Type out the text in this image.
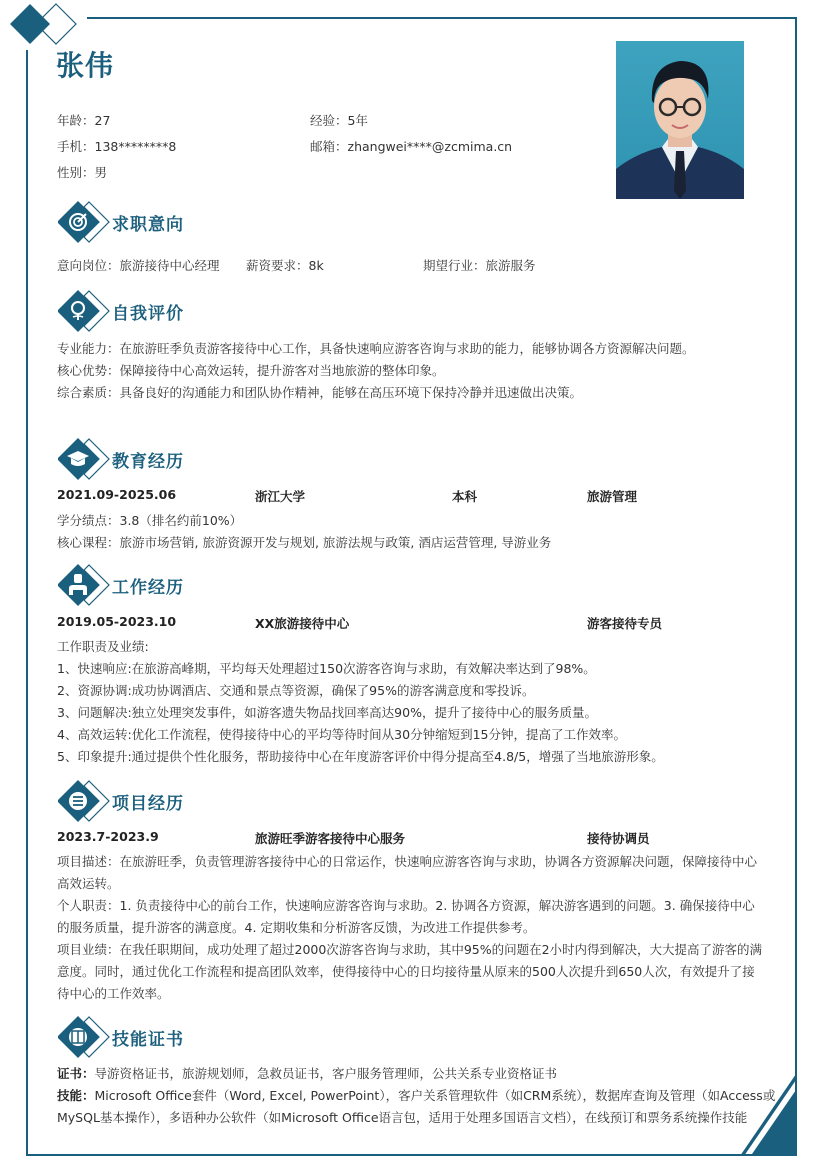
张伟
年龄：27	经验：5年
手机：138********8	邮箱：zhangwei****@zcmima.cn
性别：男
求职意向
意向岗位：旅游接待中心经理 薪资要求：8k	期望行业：旅游服务
自我评价
专业能力：在旅游旺季负责游客接待中心工作，具备快速响应游客咨询与求助的能力，能够协调各方资源解决问题。
核心优势：保障接待中心高效运转，提升游客对当地旅游的整体印象。
综合素质：具备良好的沟通能力和团队协作精神，能够在高压环境下保持冷静并迅速做出决策。
教育经历
2021.09-2025.06	浙江大学	本科	旅游管理
学分绩点：3.8（排名约前10%）
核心课程：旅游市场营销, 旅游资源开发与规划, 旅游法规与政策, 酒店运营管理, 导游业务
工作经历
2019.05-2023.10	XX旅游接待中心	游客接待专员
工作职责及业绩:
1、快速响应:在旅游高峰期，平均每天处理超过150次游客咨询与求助，有效解决率达到了98%。
2、资源协调:成功协调酒店、交通和景点等资源，确保了95%的游客满意度和零投诉。
3、问题解决:独立处理突发事件，如游客遗失物品找回率高达90%，提升了接待中心的服务质量。
4、高效运转:优化工作流程，使得接待中心的平均等待时间从30分钟缩短到15分钟，提高了工作效率。
5、印象提升:通过提供个性化服务，帮助接待中心在年度游客评价中得分提高至4.8/5，增强了当地旅游形象。
项目经历
2023.7-2023.9	旅游旺季游客接待中心服务	接待协调员
项目描述：在旅游旺季，负责管理游客接待中心的日常运作，快速响应游客咨询与求助，协调各方资源解决问题，保障接待中心高效运转。
个人职责：1. 负责接待中心的前台工作，快速响应游客咨询与求助。2. 协调各方资源，解决游客遇到的问题。3. 确保接待中心的服务质量，提升游客的满意度。4. 定期收集和分析游客反馈，为改进工作提供参考。
项目业绩：在我任职期间，成功处理了超过2000次游客咨询与求助，其中95%的问题在2小时内得到解决，大大提高了游客的满意度。同时，通过优化工作流程和提高团队效率，使得接待中心的日均接待量从原来的500人次提升到650人次，有效提升了接待中心的工作效率。
技能证书
证书：导游资格证书，旅游规划师，急救员证书，客户服务管理师，公共关系专业资格证书
技能：Microsoft Office套件（Word, Excel, PowerPoint），客户关系管理软件（如CRM系统），数据库查询及管理（如Access或MySQL基本操作），多语种办公软件（如Microsoft Office语言包，适用于处理多国语言文档），在线预订和票务系统操作技能
